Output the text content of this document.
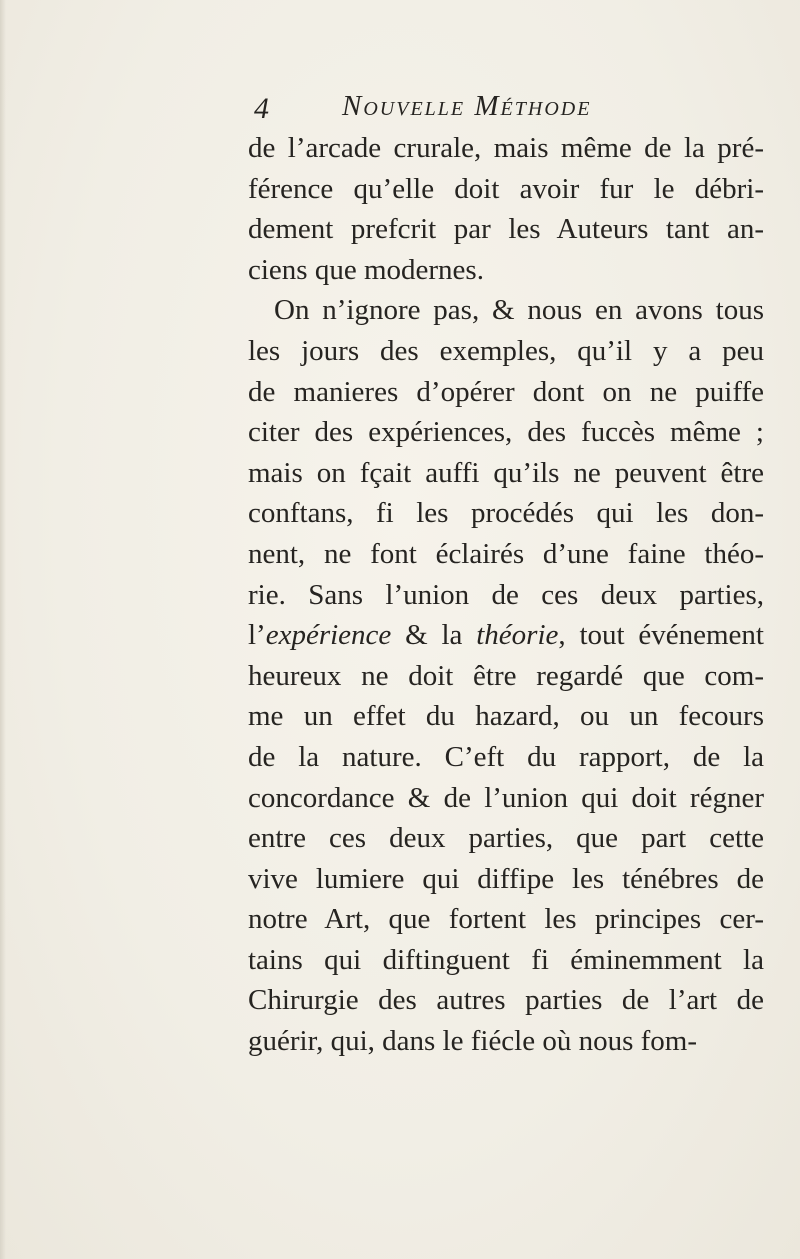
4	Nouvelle Méthode
de l’arcade crurale, mais même de la pré-
férence qu’elle doit avoir fur le débri-
dement prefcrit par les Auteurs tant an-
ciens que modernes.
On n’ignore pas, & nous en avons tous
les jours des exemples, qu’il y a peu
de manieres d’opérer dont on ne puiffe
citer des expériences, des fuccès même ;
mais on fçait auffi qu’ils ne peuvent être
conftans, fi les procédés qui les don-
nent, ne font éclairés d’une faine théo-
rie. Sans l’union de ces deux parties,
l’expérience & la théorie, tout événement
heureux ne doit être regardé que com-
me un effet du hazard, ou un fecours
de la nature. C’eft du rapport, de la
concordance & de l’union qui doit régner
entre ces deux parties, que part cette
vive lumiere qui diffipe les ténébres de
notre Art, que fortent les principes cer-
tains qui diftinguent fi éminemment la
Chirurgie des autres parties de l’art de
guérir, qui, dans le fiécle où nous fom-
